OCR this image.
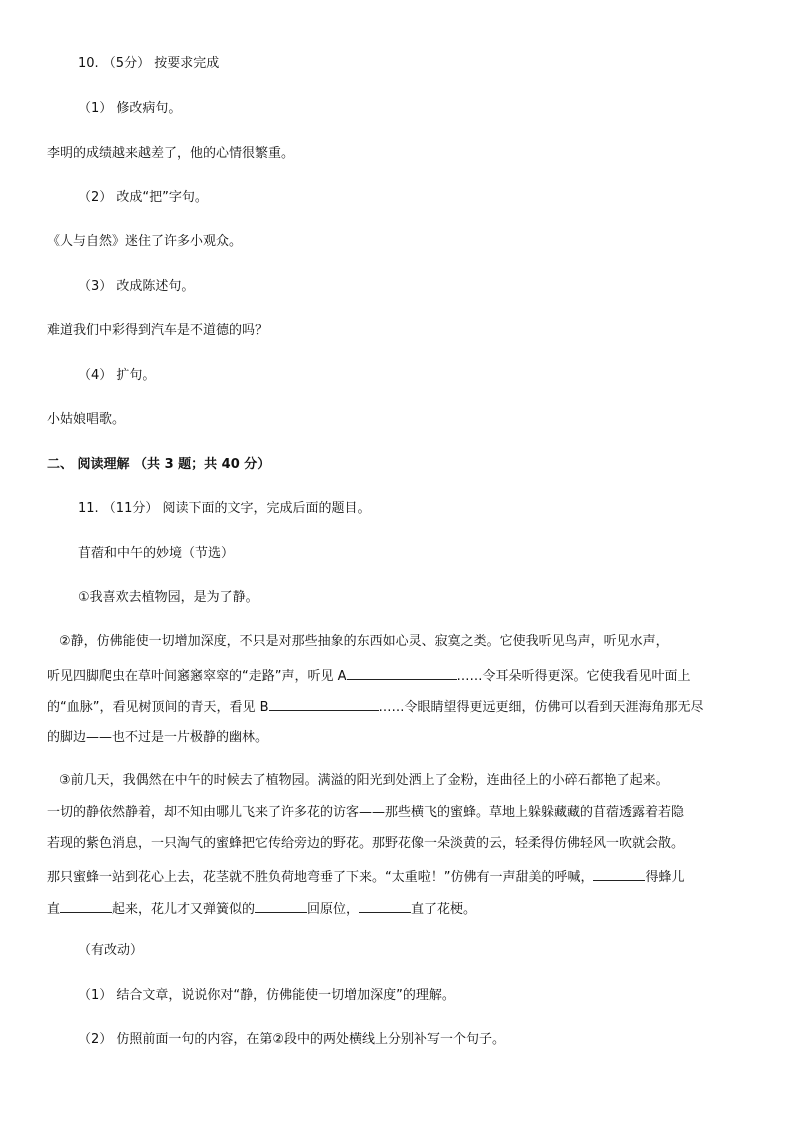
10. （5分） 按要求完成
（1） 修改病句。
李明的成绩越来越差了，他的心情很繁重。
（2） 改成“把”字句。
《人与自然》迷住了许多小观众。
（3） 改成陈述句。
难道我们中彩得到汽车是不道德的吗？
（4） 扩句。
小姑娘唱歌。
二、 阅读理解 （共 3 题；共 40 分）
11. （11分） 阅读下面的文字，完成后面的题目。
苜蓿和中午的妙境（节选）
①我喜欢去植物园，是为了静。
②静，仿佛能使一切增加深度，不只是对那些抽象的东西如心灵、寂寞之类。它使我听见鸟声，听见水声，
听见四脚爬虫在草叶间窸窸窣窣的“走路”声，听见 A	……令耳朵听得更深。它使我看见叶面上
的“血脉”，看见树顶间的青天，看见 B	……令眼睛望得更远更细，仿佛可以看到天涯海角那无尽
的脚边——也不过是一片极静的幽林。
③前几天，我偶然在中午的时候去了植物园。满溢的阳光到处洒上了金粉，连曲径上的小碎石都艳了起来。
一切的静依然静着，却不知由哪儿飞来了许多花的访客——那些横飞的蜜蜂。草地上躲躲藏藏的苜蓿透露着若隐
若现的紫色消息，一只淘气的蜜蜂把它传给旁边的野花。那野花像一朵淡黄的云，轻柔得仿佛轻风一吹就会散。
那只蜜蜂一站到花心上去，花茎就不胜负荷地弯垂了下来。“太重啦！”仿佛有一声甜美的呼喊，	得蜂儿
直	起来，花儿才又弹簧似的	回原位，	直了花梗。
（有改动）
（1） 结合文章，说说你对“静，仿佛能使一切增加深度”的理解。
（2） 仿照前面一句的内容，在第②段中的两处横线上分别补写一个句子。
